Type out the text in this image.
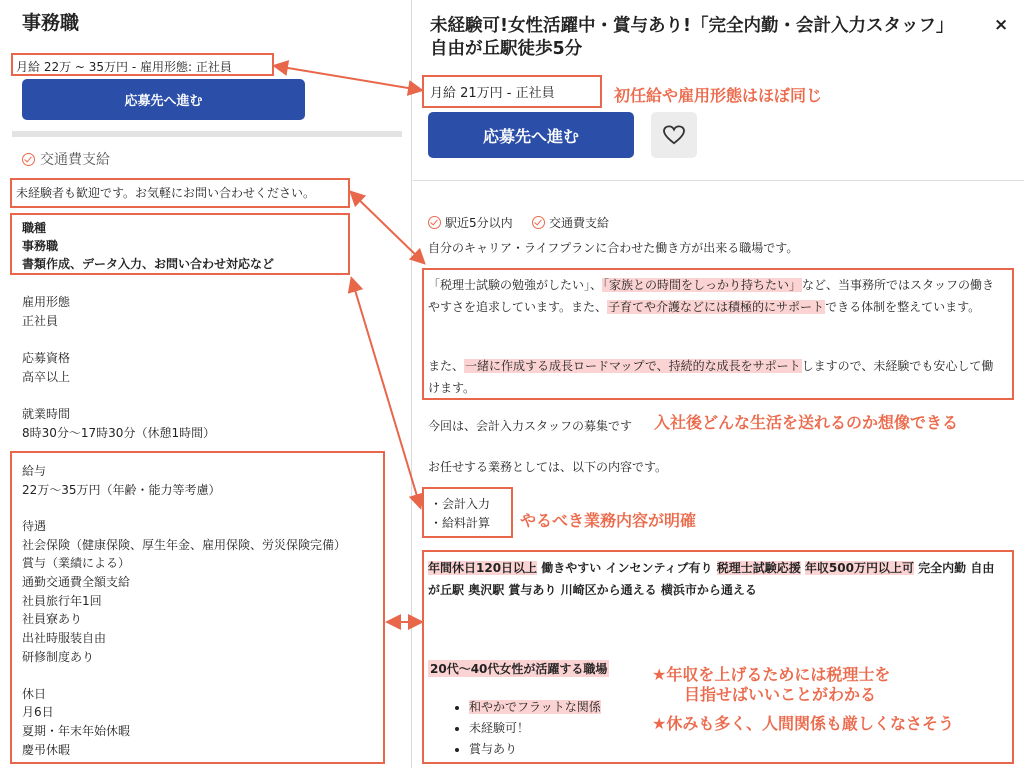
事務職
月給 22万 ~ 35万円 - 雇用形態: 正社員
応募先へ進む
交通費支給
未経験者も歓迎です。お気軽にお問い合わせください。
職種
事務職
書類作成、データ入力、お問い合わせ対応など
雇用形態
正社員
応募資格
高卒以上
就業時間
8時30分〜17時30分（休憩1時間）
給与
22万〜35万円（年齢・能力等考慮）
待遇
社会保険（健康保険、厚生年金、雇用保険、労災保険完備）
賞与（業績による）
通勤交通費全額支給
社員旅行年1回
社員寮あり
出社時服装自由
研修制度あり
休日
月6日
夏期・年末年始休暇
慶弔休暇
未経験可!女性活躍中・賞与あり!「完全内勤・会計入力スタッフ」自由が丘駅徒歩5分
×
月給 21万円 - 正社員	初任給や雇用形態はほぼ同じ
応募先へ進む
駅近5分以内	交通費支給
自分のキャリア・ライフプランに合わせた働き方が出来る職場です。
「税理士試験の勉強がしたい」、「家族との時間をしっかり持ちたい」など、当事務所ではスタッフの働きやすさを追求しています。また、子育てや介護などには積極的にサポートできる体制を整えています。
また、一緒に作成する成長ロードマップで、持続的な成長をサポートしますので、未経験でも安心して働けます。
今回は、会計入力スタッフの募集です	入社後どんな生活を送れるのか想像できる
お任せする業務としては、以下の内容です。
・会計入力
・給料計算 やるべき業務内容が明確
年間休日120日以上 働きやすい インセンティブ有り 税理士試験応援 年収500万円以上可 完全内勤 自由が丘駅 奥沢駅 賞与あり 川崎区から通える 横浜市から通える
20代〜40代女性が活躍する職場	★年収を上げるためには税理士を
目指せばいいことがわかる
★休みも多く、人間関係も厳しくなさそう
• 和やかでフラットな関係
• 未経験可！
• 賞与あり
